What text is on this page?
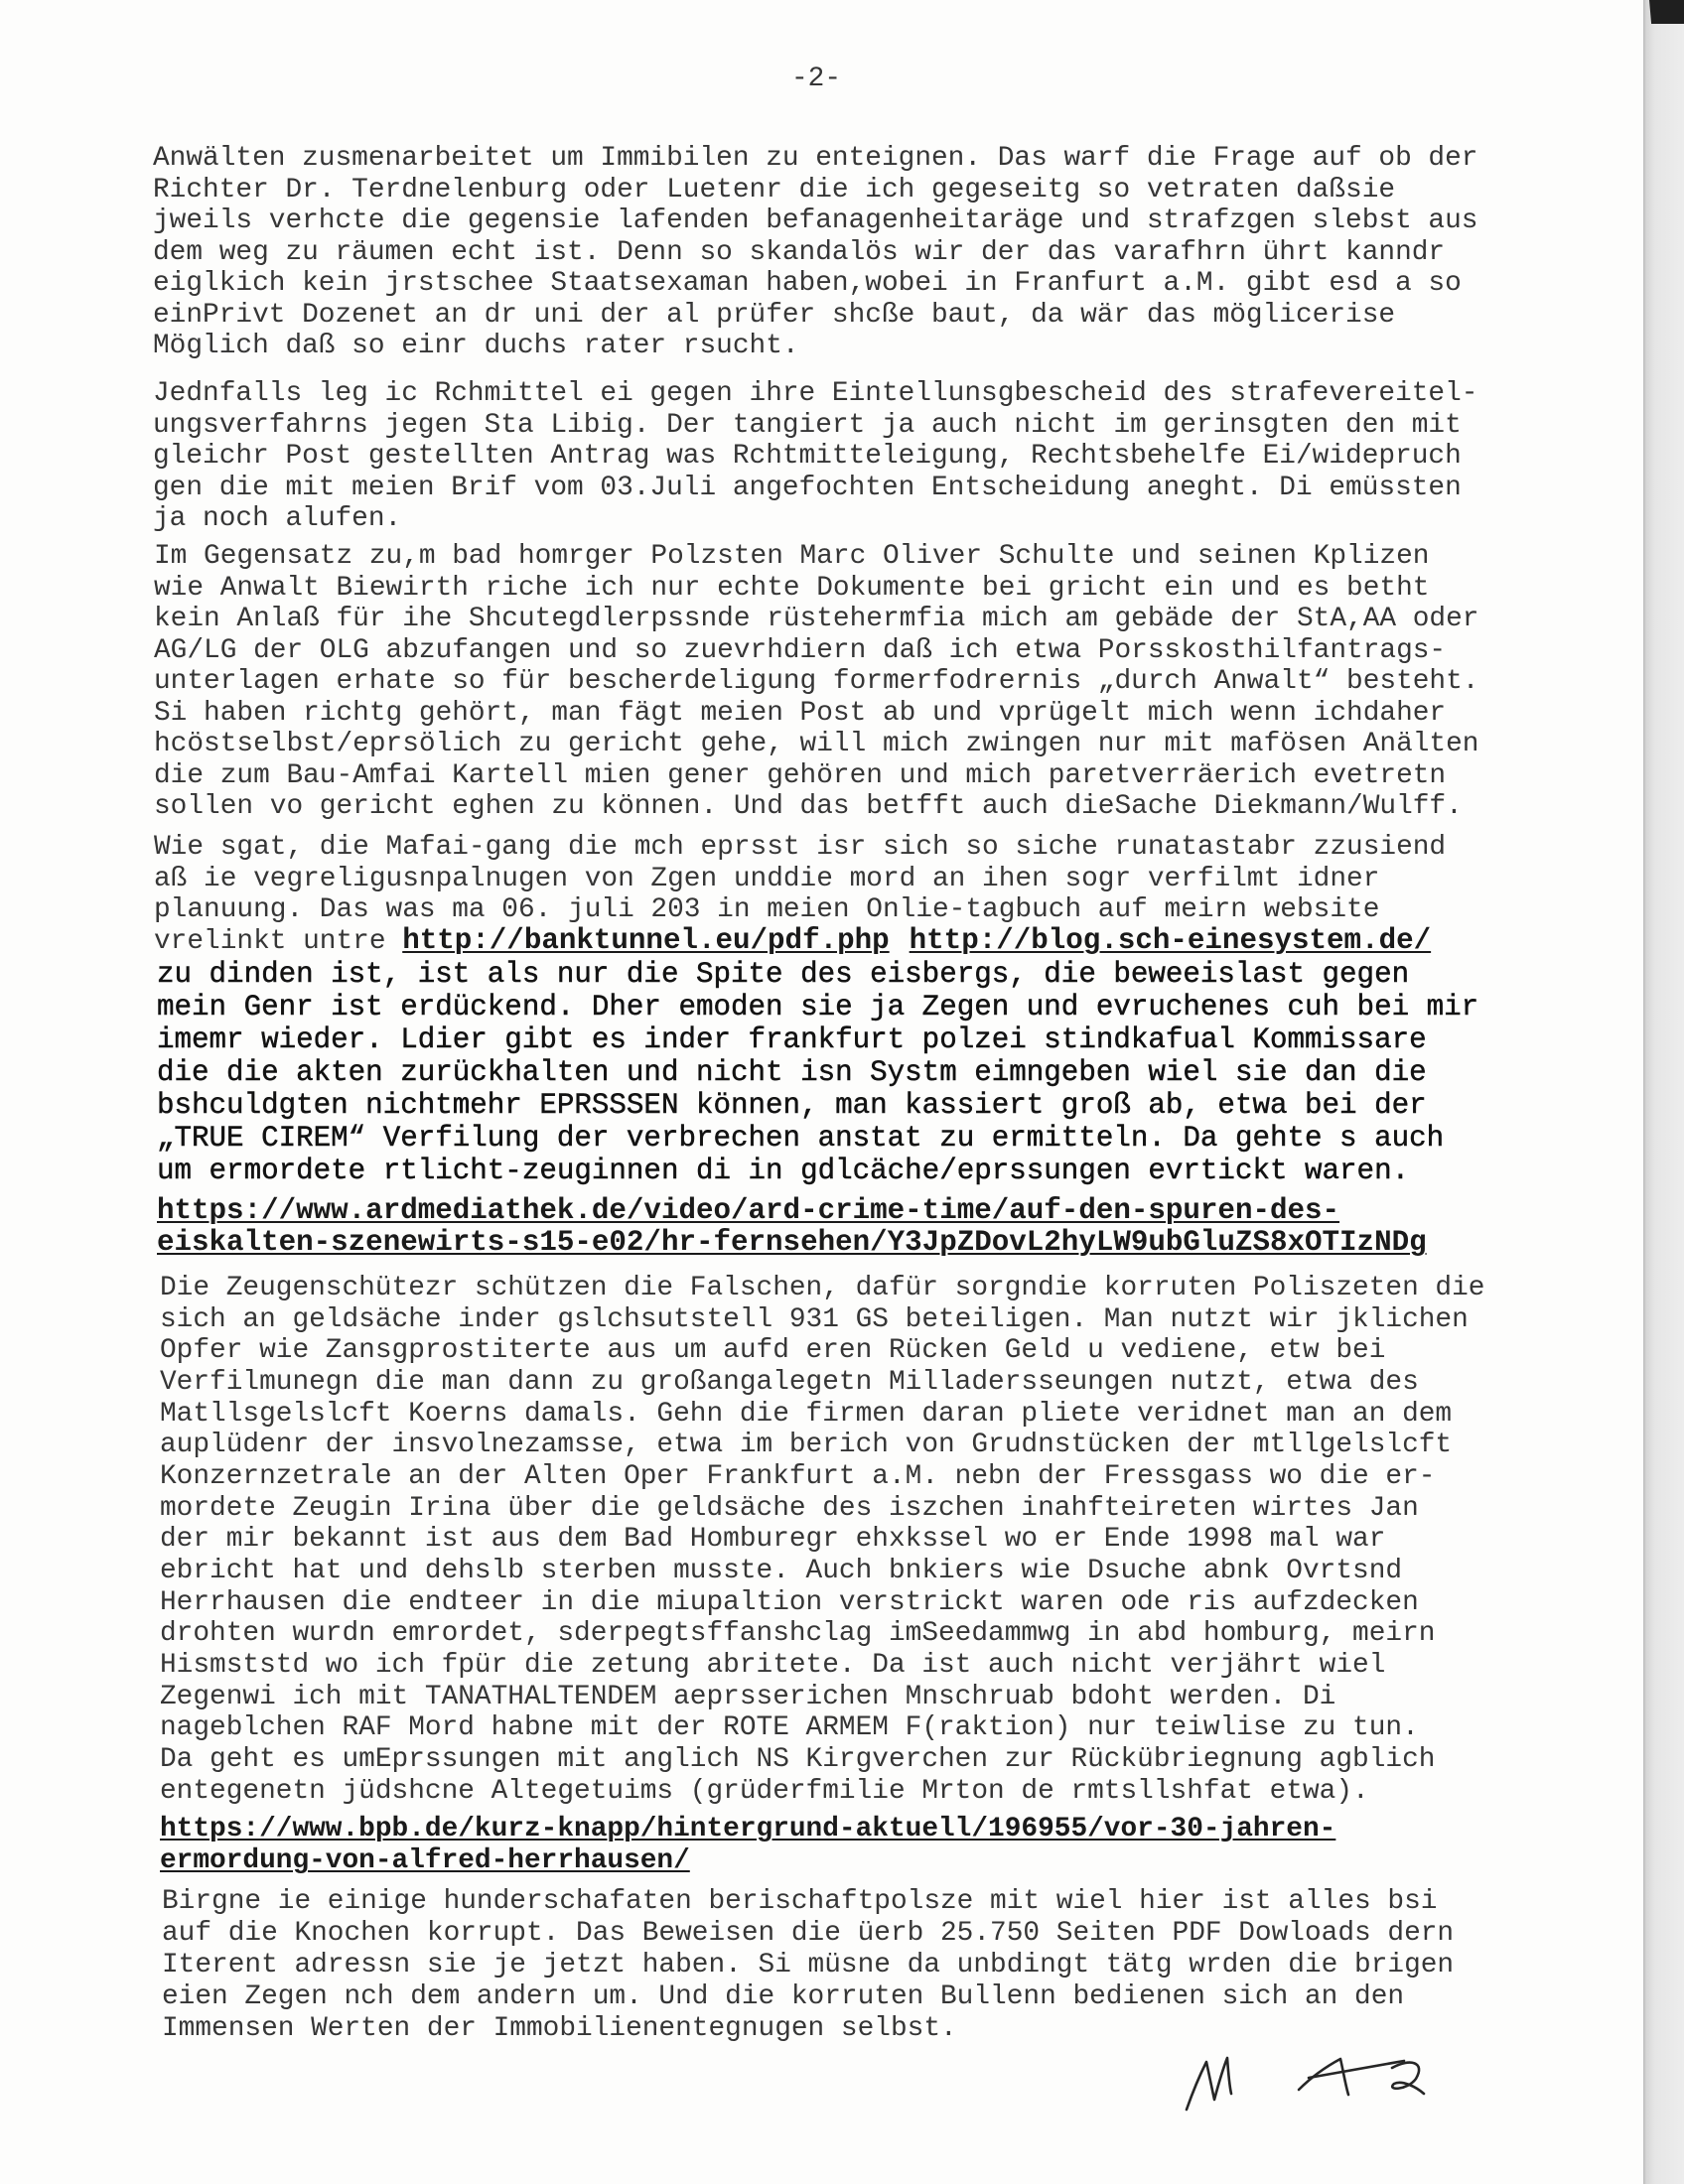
-2-
Anwälten zusmenarbeitet um Immibilen zu enteignen. Das warf die Frage auf ob der
Richter Dr. Terdnelenburg oder Luetenr die ich gegeseitg so vetraten daßsie
jweils verhcte die gegensie lafenden befanagenheitaräge und strafzgen slebst aus
dem weg zu räumen echt ist. Denn so skandalös wir der das varafhrn ührt kanndr
eiglkich kein jrstschee Staatsexaman haben,wobei in Franfurt a.M. gibt esd a so
einPrivt Dozenet an dr uni der al prüfer shcße baut, da wär das möglicerise
Möglich daß so einr duchs rater rsucht.
Jednfalls leg ic Rchmittel ei gegen ihre Eintellunsgbescheid des strafevereitel-
ungsverfahrns jegen Sta Libig. Der tangiert ja auch nicht im gerinsgten den mit
gleichr Post gestellten Antrag was Rchtmitteleigung, Rechtsbehelfe Ei/widepruch
gen die mit meien Brif vom 03.Juli angefochten Entscheidung aneght. Di emüssten
ja noch alufen.
Im Gegensatz zu,m bad homrger Polzsten Marc Oliver Schulte und seinen Kplizen
wie Anwalt Biewirth riche ich nur echte Dokumente bei gricht ein und es betht
kein Anlaß für ihe Shcutegdlerpssnde rüstehermfia mich am gebäde der StA,AA oder
AG/LG der OLG abzufangen und so zuevrhdiern daß ich etwa Porsskosthilfantrags-
unterlagen erhate so für bescherdeligung formerfodrernis „durch Anwalt“ besteht.
Si haben richtg gehört, man fägt meien Post ab und vprügelt mich wenn ichdaher
hcöstselbst/eprsölich zu gericht gehe, will mich zwingen nur mit mafösen Anälten
die zum Bau-Amfai Kartell mien gener gehören und mich paretverräerich evetretn
sollen vo gericht eghen zu können. Und das betfft auch dieSache Diekmann/Wulff.
Wie sgat, die Mafai-gang die mch eprsst isr sich so siche runatastabr zzusiend
aß ie vegreligusnpalnugen von Zgen unddie mord an ihen sogr verfilmt idner
planuung. Das was ma 06. juli 203 in meien Onlie-tagbuch auf meirn website
vrelinkt untre http://banktunnel.eu/pdf.php http://blog.sch-einesystem.de/
zu dinden ist, ist als nur die Spite des eisbergs, die beweeislast gegen
mein Genr ist erdückend. Dher emoden sie ja Zegen und evruchenes cuh bei mir
imemr wieder. Ldier gibt es inder frankfurt polzei stindkafual Kommissare
die die akten zurückhalten und nicht isn Systm eimngeben wiel sie dan die
bshculdgten nichtmehr EPRSSSEN können, man kassiert groß ab, etwa bei der
„TRUE CIREM“ Verfilung der verbrechen anstat zu ermitteln. Da gehte s auch
um ermordete rtlicht-zeuginnen di in gdlcäche/eprssungen evrtickt waren.
https://www.ardmediathek.de/video/ard-crime-time/auf-den-spuren-des-
eiskalten-szenewirts-s15-e02/hr-fernsehen/Y3JpZDovL2hyLW9ubGluZS8xOTIzNDg
Die Zeugenschütezr schützen die Falschen, dafür sorgndie korruten Poliszeten die
sich an geldsäche inder gslchsutstell 931 GS beteiligen. Man nutzt wir jklichen
Opfer wie Zansgprostiterte aus um aufd eren Rücken Geld u vediene, etw bei
Verfilmunegn die man dann zu großangalegetn Milladersseungen nutzt, etwa des
Matllsgelslcft Koerns damals. Gehn die firmen daran pliete veridnet man an dem
auplüdenr der insvolnezamsse, etwa im berich von Grudnstücken der mtllgelslcft
Konzernzetrale an der Alten Oper Frankfurt a.M. nebn der Fressgass wo die er-
mordete Zeugin Irina über die geldsäche des iszchen inahfteireten wirtes Jan
der mir bekannt ist aus dem Bad Homburegr ehxkssel wo er Ende 1998 mal war
ebricht hat und dehslb sterben musste. Auch bnkiers wie Dsuche abnk Ovrtsnd
Herrhausen die endteer in die miupaltion verstrickt waren ode ris aufzdecken
drohten wurdn emrordet, sderpegtsffanshclag imSeedammwg in abd homburg, meirn
Hismststd wo ich fpür die zetung abritete. Da ist auch nicht verjährt wiel
Zegenwi ich mit TANATHALTENDEM aeprsserichen Mnschruab bdoht werden. Di
nageblchen RAF Mord habne mit der ROTE ARMEM F(raktion) nur teiwlise zu tun.
Da geht es umEprssungen mit anglich NS Kirgverchen zur Rückübriegnung agblich
entegenetn jüdshcne Altegetuims (grüderfmilie Mrton de rmtsllshfat etwa).
https://www.bpb.de/kurz-knapp/hintergrund-aktuell/196955/vor-30-jahren-
ermordung-von-alfred-herrhausen/
Birgne ie einige hunderschafaten berischaftpolsze mit wiel hier ist alles bsi
auf die Knochen korrupt. Das Beweisen die üerb 25.750 Seiten PDF Dowloads dern
Iterent adressn sie je jetzt haben. Si müsne da unbdingt tätg wrden die brigen
eien Zegen nch dem andern um. Und die korruten Bullenn bedienen sich an den
Immensen Werten der Immobilienentegnugen selbst.
